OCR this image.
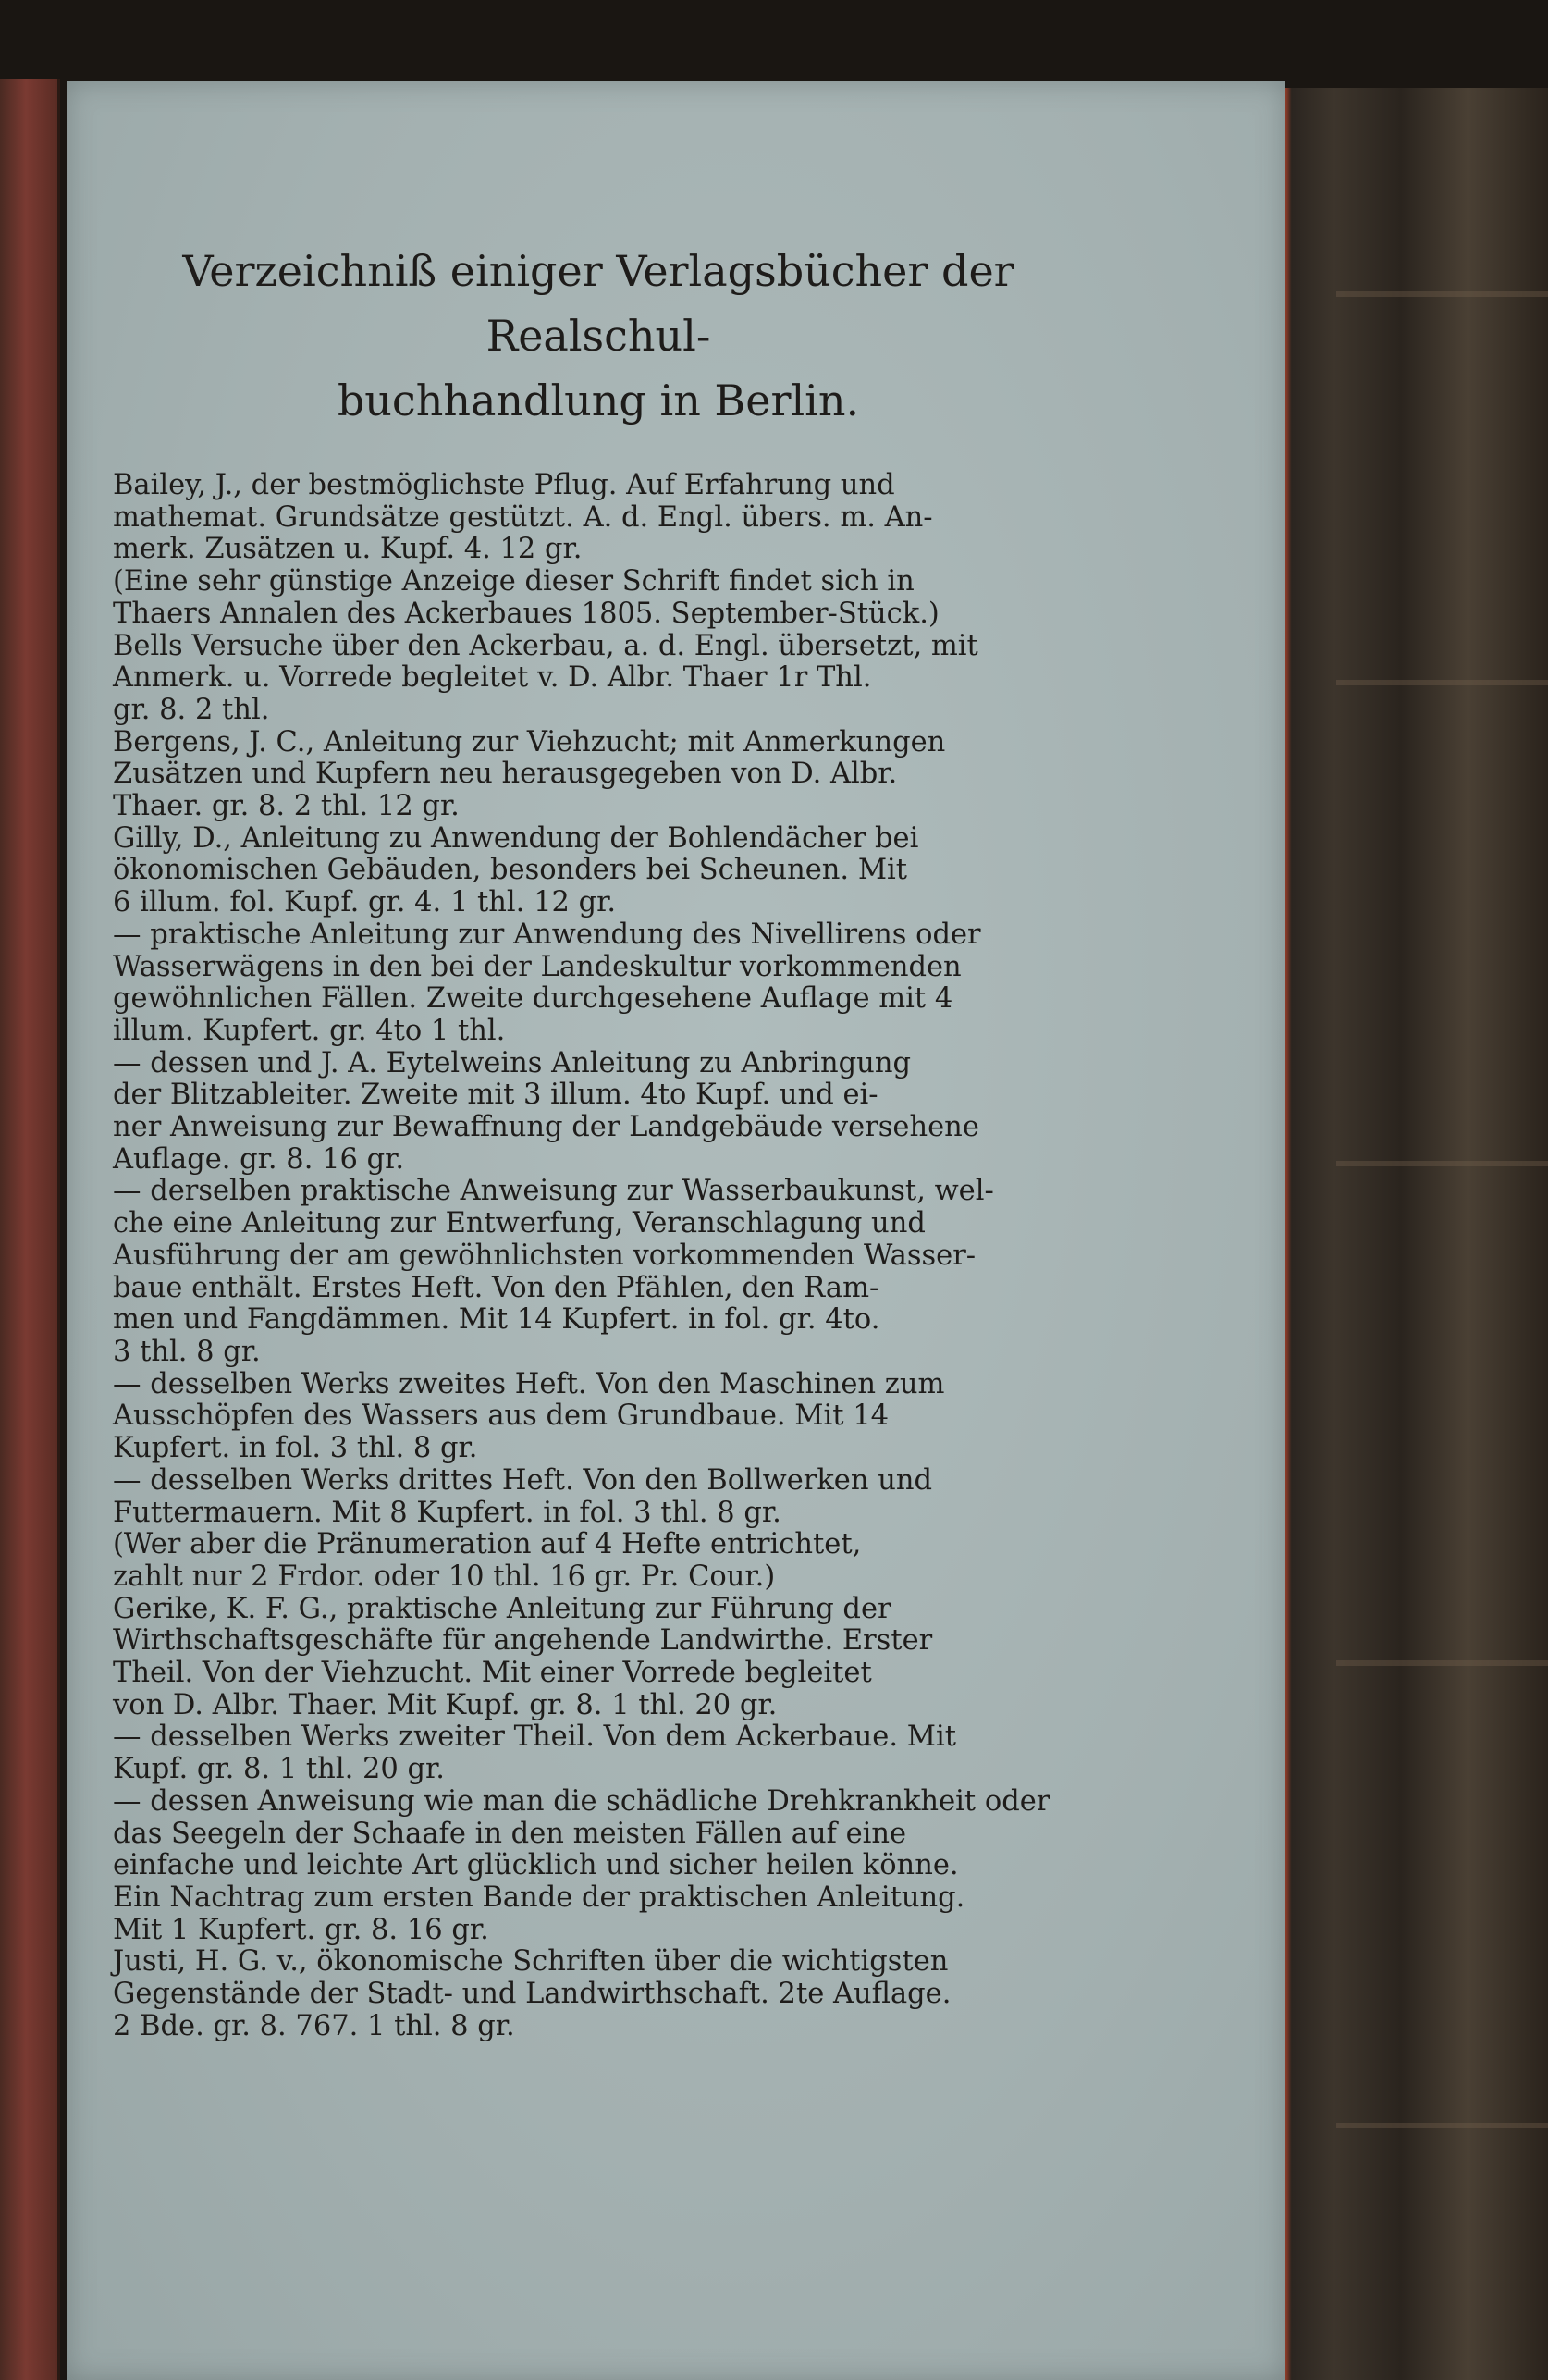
Verzeichniß einiger Verlagsbücher der Realschul-
buchhandlung in Berlin.
Bailey, J., der bestmöglichste Pflug. Auf Erfahrung und
mathemat. Grundsätze gestützt. A. d. Engl. übers. m. An-
merk. Zusätzen u. Kupf. 4. 12 gr.
(Eine sehr günstige Anzeige dieser Schrift findet sich in
Thaers Annalen des Ackerbaues 1805. September-Stück.)
Bells Versuche über den Ackerbau, a. d. Engl. übersetzt, mit
Anmerk. u. Vorrede begleitet v. D. Albr. Thaer 1r Thl.
gr. 8. 2 thl.
Bergens, J. C., Anleitung zur Viehzucht; mit Anmerkungen
Zusätzen und Kupfern neu herausgegeben von D. Albr.
Thaer. gr. 8. 2 thl. 12 gr.
Gilly, D., Anleitung zu Anwendung der Bohlendächer bei
ökonomischen Gebäuden, besonders bei Scheunen. Mit
6 illum. fol. Kupf. gr. 4. 1 thl. 12 gr.
— praktische Anleitung zur Anwendung des Nivellirens oder
Wasserwägens in den bei der Landeskultur vorkommenden
gewöhnlichen Fällen. Zweite durchgesehene Auflage mit 4
illum. Kupfert. gr. 4to 1 thl.
— dessen und J. A. Eytelweins Anleitung zu Anbringung
der Blitzableiter. Zweite mit 3 illum. 4to Kupf. und ei-
ner Anweisung zur Bewaffnung der Landgebäude versehene
Auflage. gr. 8. 16 gr.
— derselben praktische Anweisung zur Wasserbaukunst, wel-
che eine Anleitung zur Entwerfung, Veranschlagung und
Ausführung der am gewöhnlichsten vorkommenden Wasser-
baue enthält. Erstes Heft. Von den Pfählen, den Ram-
men und Fangdämmen. Mit 14 Kupfert. in fol. gr. 4to.
3 thl. 8 gr.
— desselben Werks zweites Heft. Von den Maschinen zum
Ausschöpfen des Wassers aus dem Grundbaue. Mit 14
Kupfert. in fol. 3 thl. 8 gr.
— desselben Werks drittes Heft. Von den Bollwerken und
Futtermauern. Mit 8 Kupfert. in fol. 3 thl. 8 gr.
(Wer aber die Pränumeration auf 4 Hefte entrichtet,
zahlt nur 2 Frdor. oder 10 thl. 16 gr. Pr. Cour.)
Gerike, K. F. G., praktische Anleitung zur Führung der
Wirthschaftsgeschäfte für angehende Landwirthe. Erster
Theil. Von der Viehzucht. Mit einer Vorrede begleitet
von D. Albr. Thaer. Mit Kupf. gr. 8. 1 thl. 20 gr.
— desselben Werks zweiter Theil. Von dem Ackerbaue. Mit
Kupf. gr. 8. 1 thl. 20 gr.
— dessen Anweisung wie man die schädliche Drehkrankheit oder
das Seegeln der Schaafe in den meisten Fällen auf eine
einfache und leichte Art glücklich und sicher heilen könne.
Ein Nachtrag zum ersten Bande der praktischen Anleitung.
Mit 1 Kupfert. gr. 8. 16 gr.
Justi, H. G. v., ökonomische Schriften über die wichtigsten
Gegenstände der Stadt- und Landwirthschaft. 2te Auflage.
2 Bde. gr. 8. 767. 1 thl. 8 gr.
